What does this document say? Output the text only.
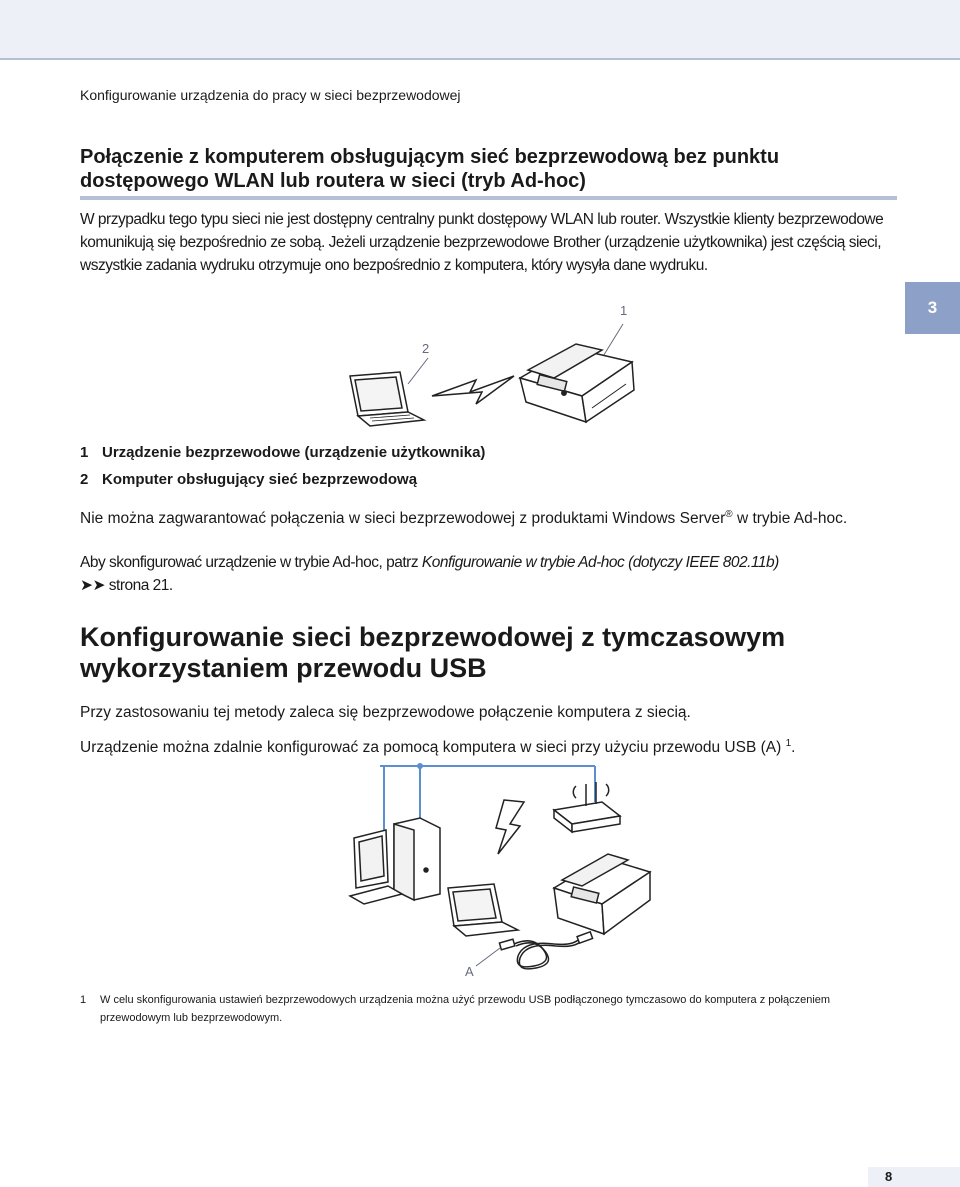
Konfigurowanie urządzenia do pracy w sieci bezprzewodowej
Połączenie z komputerem obsługującym sieć bezprzewodową bez punktu dostępowego WLAN lub routera w sieci (tryb Ad-hoc)

W przypadku tego typu sieci nie jest dostępny centralny punkt dostępowy WLAN lub router. Wszystkie klienty bezprzewodowe komunikują się bezpośrednio ze sobą. Jeżeli urządzenie bezprzewodowe Brother (urządzenie użytkownika) jest częścią sieci, wszystkie zadania wydruku otrzymuje ono bezpośrednio z komputera, który wysyła dane wydruku.

3
1
2
1 Urządzenie bezprzewodowe (urządzenie użytkownika)
2 Komputer obsługujący sieć bezprzewodową

Nie można zagwarantować połączenia w sieci bezprzewodowej z produktami Windows Server® w trybie Ad-hoc.

Aby skonfigurować urządzenie w trybie Ad-hoc, patrz Konfigurowanie w trybie Ad-hoc (dotyczy IEEE 802.11b)
➤➤ strona 21.

Konfigurowanie sieci bezprzewodowej z tymczasowym wykorzystaniem przewodu USB

Przy zastosowaniu tej metody zaleca się bezprzewodowe połączenie komputera z siecią.

Urządzenie można zdalnie konfigurować za pomocą komputera w sieci przy użyciu przewodu USB (A) $^1$.

A
1 W celu skonfigurowania ustawień bezprzewodowych urządzenia można użyć przewodu USB podłączonego tymczasowo do komputera z połączeniem przewodowym lub bezprzewodowym.
8
